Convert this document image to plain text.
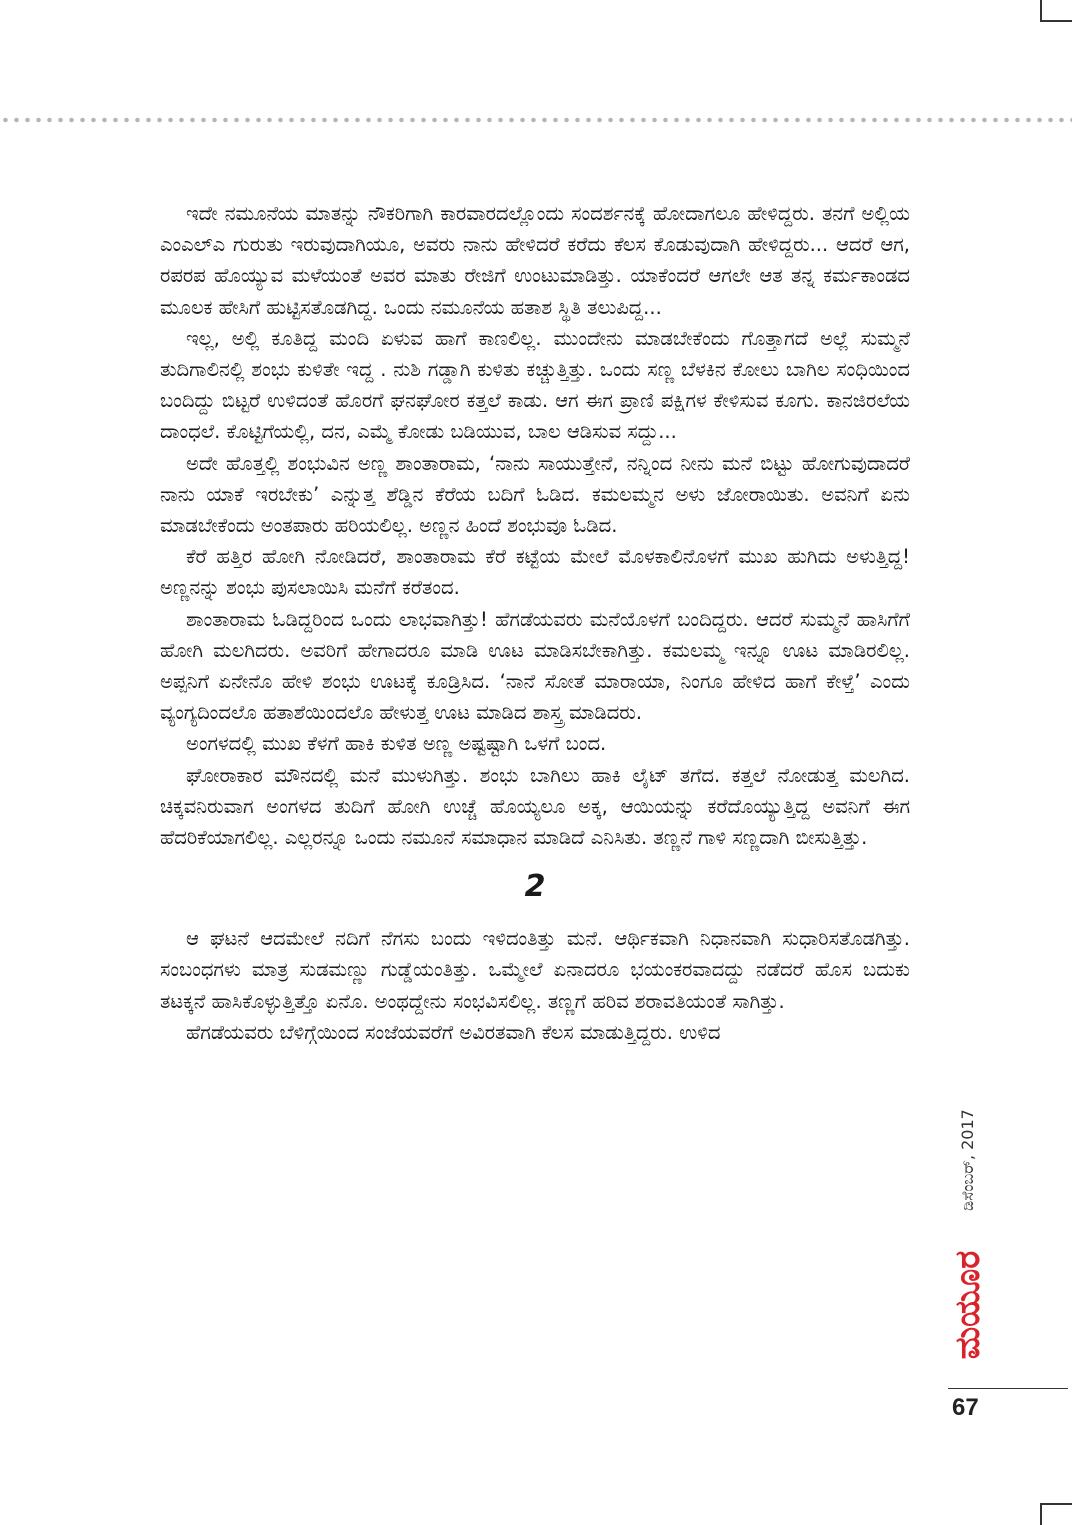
ಇದೇ ನಮೂನೆಯ ಮಾತನ್ನು ನೌಕರಿಗಾಗಿ ಕಾರವಾರದಲ್ಲೊಂದು ಸಂದರ್ಶನಕ್ಕೆ ಹೋದಾಗಲೂ ಹೇಳಿದ್ದರು. ತನಗೆ ಅಲ್ಲಿಯ ಎಂಎಲ್ಎ ಗುರುತು ಇರುವುದಾಗಿಯೂ, ಅವರು ನಾನು ಹೇಳಿದರೆ ಕರೆದು ಕೆಲಸ ಕೊಡುವುದಾಗಿ ಹೇಳಿದ್ದರು... ಆದರೆ ಆಗ, ರಪರಪ ಹೊಯ್ಯುವ ಮಳೆಯಂತೆ ಅವರ ಮಾತು ರೇಜಿಗೆ ಉಂಟುಮಾಡಿತ್ತು. ಯಾಕೆಂದರೆ ಆಗಲೇ ಆತ ತನ್ನ ಕರ್ಮಕಾಂಡದ ಮೂಲಕ ಹೇಸಿಗೆ ಹುಟ್ಟಿಸತೊಡಗಿದ್ದ. ಒಂದು ನಮೂನೆಯ ಹತಾಶ ಸ್ಥಿತಿ ತಲುಪಿದ್ದ...

ಇಲ್ಲ, ಅಲ್ಲಿ ಕೂತಿದ್ದ ಮಂದಿ ಏಳುವ ಹಾಗೆ ಕಾಣಲಿಲ್ಲ. ಮುಂದೇನು ಮಾಡಬೇಕೆಂದು ಗೊತ್ತಾಗದೆ ಅಲ್ಲೆ ಸುಮ್ಮನೆ ತುದಿಗಾಲಿನಲ್ಲಿ ಶಂಭು ಕುಳಿತೇ ಇದ್ದ . ನುಶಿ ಗಡ್ಡಾಗಿ ಕುಳಿತು ಕಚ್ಚುತ್ತಿತ್ತು. ಒಂದು ಸಣ್ಣ ಬೆಳಕಿನ ಕೋಲು ಬಾಗಿಲ ಸಂಧಿಯಿಂದ ಬಂದಿದ್ದು ಬಿಟ್ಟರೆ ಉಳಿದಂತೆ ಹೊರಗೆ ಘನಘೋರ ಕತ್ತಲೆ ಕಾಡು. ಆಗ ಈಗ ಪ್ರಾಣಿ ಪಕ್ಷಿಗಳ ಕೇಳಿಸುವ ಕೂಗು. ಕಾನಜಿರಲೆಯ ದಾಂಧಲೆ. ಕೊಟ್ಟಿಗೆಯಲ್ಲಿ, ದನ, ಎಮ್ಮೆ ಕೋಡು ಬಡಿಯುವ, ಬಾಲ ಆಡಿಸುವ ಸದ್ದು...

ಅದೇ ಹೊತ್ತಲ್ಲಿ ಶಂಭುವಿನ ಅಣ್ಣ ಶಾಂತಾರಾಮ, ‘ನಾನು ಸಾಯುತ್ತೇನೆ, ನನ್ನಿಂದ ನೀನು ಮನೆ ಬಿಟ್ಟು ಹೋಗುವುದಾದರೆ ನಾನು ಯಾಕೆ ಇರಬೇಕು’ ಎನ್ನುತ್ತ ಶೆಡ್ಡಿನ ಕೆರೆಯ ಬದಿಗೆ ಓಡಿದ. ಕಮಲಮ್ಮನ ಅಳು ಜೋರಾಯಿತು. ಅವನಿಗೆ ಏನು ಮಾಡಬೇಕೆಂದು ಅಂತಪಾರು ಹರಿಯಲಿಲ್ಲ. ಅಣ್ಣನ ಹಿಂದೆ ಶಂಭುವೂ ಓಡಿದ.

ಕೆರೆ ಹತ್ತಿರ ಹೋಗಿ ನೋಡಿದರೆ, ಶಾಂತಾರಾಮ ಕೆರೆ ಕಟ್ಟೆಯ ಮೇಲೆ ಮೊಳಕಾಲಿನೊಳಗೆ ಮುಖ ಹುಗಿದು ಅಳುತ್ತಿದ್ದ! ಅಣ್ಣನನ್ನು ಶಂಭು ಪುಸಲಾಯಿಸಿ ಮನೆಗೆ ಕರೆತಂದ.

ಶಾಂತಾರಾಮ ಓಡಿದ್ದರಿಂದ ಒಂದು ಲಾಭವಾಗಿತ್ತು! ಹೆಗಡೆಯವರು ಮನೆಯೊಳಗೆ ಬಂದಿದ್ದರು. ಆದರೆ ಸುಮ್ಮನೆ ಹಾಸಿಗೆಗೆ ಹೋಗಿ ಮಲಗಿದರು. ಅವರಿಗೆ ಹೇಗಾದರೂ ಮಾಡಿ ಊಟ ಮಾಡಿಸಬೇಕಾಗಿತ್ತು. ಕಮಲಮ್ಮ ಇನ್ನೂ ಊಟ ಮಾಡಿರಲಿಲ್ಲ. ಅಪ್ಪನಿಗೆ ಏನೇನೊ ಹೇಳಿ ಶಂಭು ಊಟಕ್ಕೆ ಕೂಡ್ರಿಸಿದ. ‘ನಾನೆ ಸೋತೆ ಮಾರಾಯಾ, ನಿಂಗೂ ಹೇಳಿದ ಹಾಗೆ ಕೇಳ್ತೆ’ ಎಂದು ವ್ಯಂಗ್ಯದಿಂದಲೊ ಹತಾಶೆಯಿಂದಲೊ ಹೇಳುತ್ತ ಊಟ ಮಾಡಿದ ಶಾಸ್ತ್ರ ಮಾಡಿದರು.

ಅಂಗಳದಲ್ಲಿ ಮುಖ ಕೆಳಗೆ ಹಾಕಿ ಕುಳಿತ ಅಣ್ಣ ಅಷ್ಟಷ್ಟಾಗಿ ಒಳಗೆ ಬಂದ.

ಘೋರಾಕಾರ ಮೌನದಲ್ಲಿ ಮನೆ ಮುಳುಗಿತ್ತು. ಶಂಭು ಬಾಗಿಲು ಹಾಕಿ ಲೈಟ್ ತಗೆದ. ಕತ್ತಲೆ ನೋಡುತ್ತ ಮಲಗಿದ. ಚಿಕ್ಕವನಿರುವಾಗ ಅಂಗಳದ ತುದಿಗೆ ಹೋಗಿ ಉಚ್ಚೆ ಹೊಯ್ಯಲೂ ಅಕ್ಕ, ಆಯಿಯನ್ನು ಕರೆದೊಯ್ಯುತ್ತಿದ್ದ ಅವನಿಗೆ ಈಗ ಹೆದರಿಕೆಯಾಗಲಿಲ್ಲ. ಎಲ್ಲರನ್ನೂ ಒಂದು ನಮೂನೆ ಸಮಾಧಾನ ಮಾಡಿದೆ ಎನಿಸಿತು. ತಣ್ಣನೆ ಗಾಳಿ ಸಣ್ಣದಾಗಿ ಬೀಸುತ್ತಿತ್ತು.

2

ಆ ಘಟನೆ ಆದಮೇಲೆ ನದಿಗೆ ನೆಗಸು ಬಂದು ಇಳಿದಂತಿತ್ತು ಮನೆ. ಆರ್ಥಿಕವಾಗಿ ನಿಧಾನವಾಗಿ ಸುಧಾರಿಸತೊಡಗಿತ್ತು. ಸಂಬಂಧಗಳು ಮಾತ್ರ ಸುಡಮಣ್ಣು ಗುಡ್ಡೆಯಂತಿತ್ತು. ಒಮ್ಮೇಲೆ ಏನಾದರೂ ಭಯಂಕರವಾದದ್ದು ನಡೆದರೆ ಹೊಸ ಬದುಕು ತಟಕ್ಕನೆ ಹಾಸಿಕೊಳ್ಳುತ್ತಿತ್ತೊ ಏನೊ. ಅಂಥದ್ದೇನು ಸಂಭವಿಸಲಿಲ್ಲ. ತಣ್ಣಗೆ ಹರಿವ ಶರಾವತಿಯಂತೆ ಸಾಗಿತ್ತು.

ಹೆಗಡೆಯವರು ಬೆಳಿಗ್ಗೆಯಿಂದ ಸಂಜೆಯವರೆಗೆ ಅವಿರತವಾಗಿ ಕೆಲಸ ಮಾಡುತ್ತಿದ್ದರು. ಉಳಿದ

ಡಿಸೆಂಬರ್, 2017
ಮಯೂರ
67
